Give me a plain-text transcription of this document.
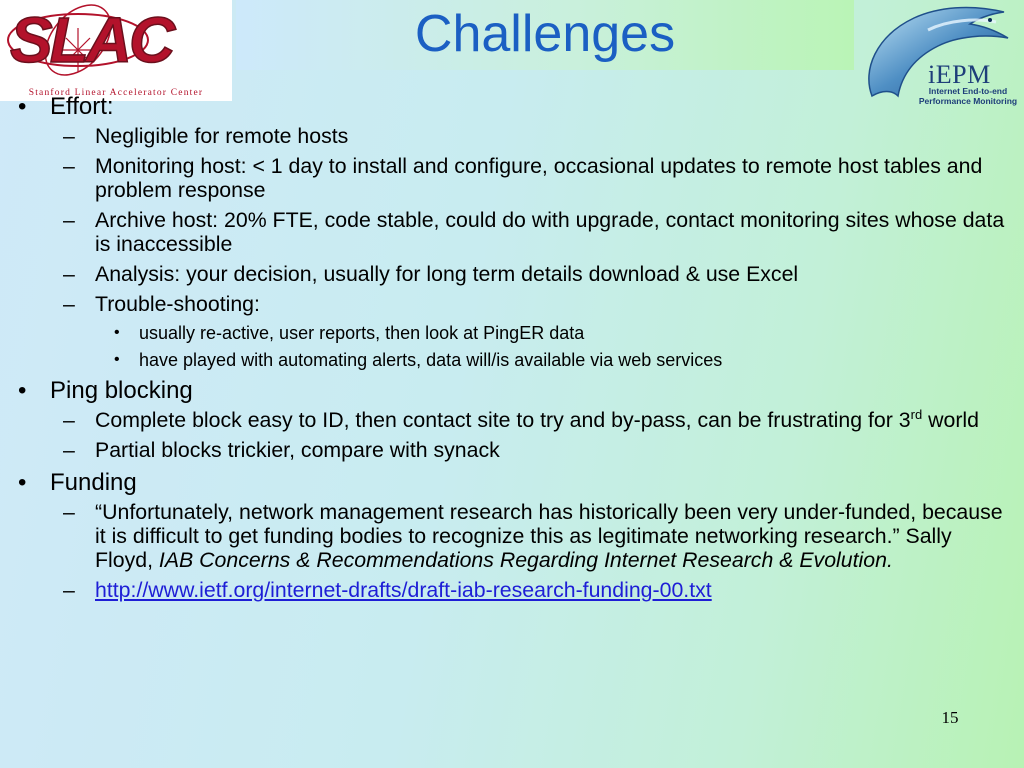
SLAC
Stanford Linear Accelerator Center
Challenges
iEPM
Internet End-to-end Performance Monitoring
• Effort:
– Negligible for remote hosts
– Monitoring host: < 1 day to install and configure, occasional updates to remote host tables and problem response
– Archive host: 20% FTE, code stable, could do with upgrade, contact monitoring sites whose data is inaccessible
– Analysis: your decision, usually for long term details download & use Excel
– Trouble-shooting:
• usually re-active, user reports, then look at PingER data
• have played with automating alerts, data will/is available via web services
• Ping blocking
– Complete block easy to ID, then contact site to try and by-pass, can be frustrating for 3rd world
– Partial blocks trickier, compare with synack
• Funding
– “Unfortunately, network management research has historically been very under-funded, because it is difficult to get funding bodies to recognize this as legitimate networking research.” Sally Floyd, IAB Concerns & Recommendations Regarding Internet Research & Evolution.
– http://www.ietf.org/internet-drafts/draft-iab-research-funding-00.txt
15
